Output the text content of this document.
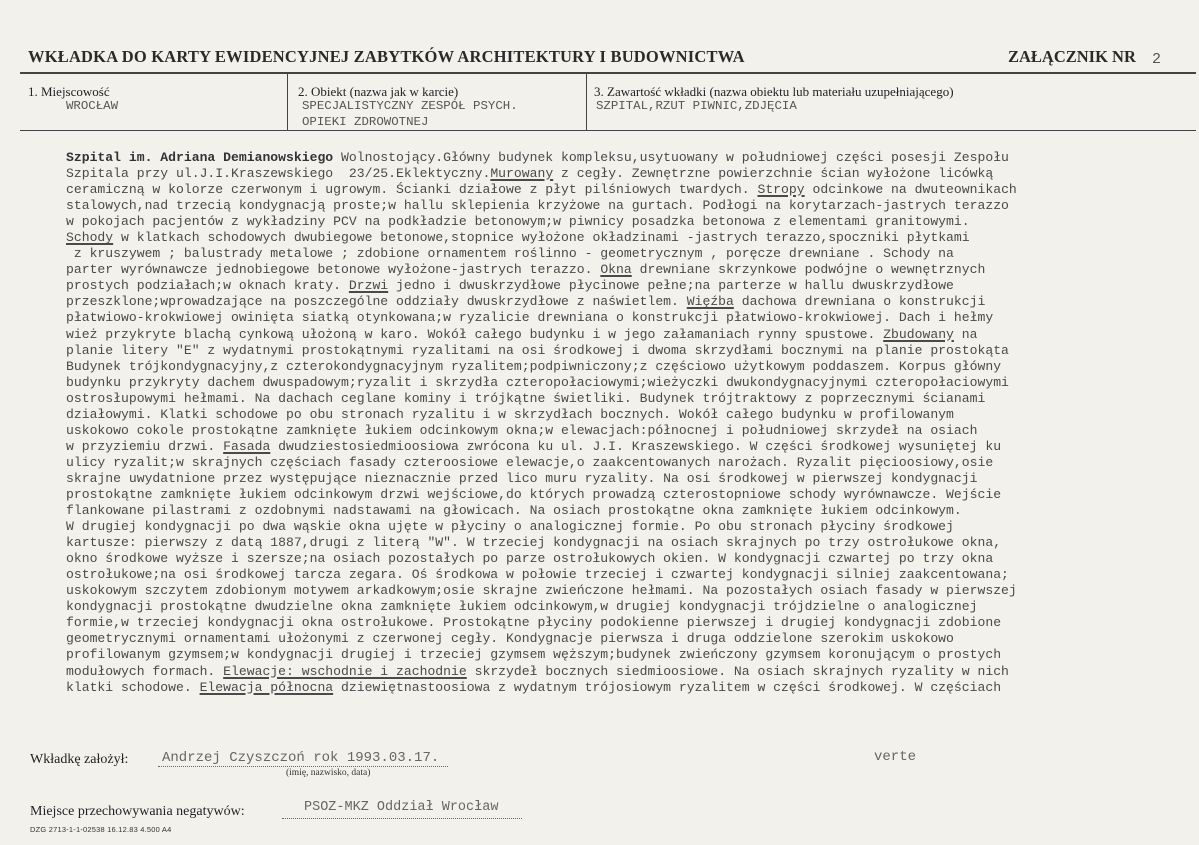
WKŁADKA DO KARTY EWIDENCYJNEJ ZABYTKÓW ARCHITEKTURY I BUDOWNICTWA	ZAŁĄCZNIK NR 2
1. Miejscowość
WROCŁAW
2. Obiekt (nazwa jak w karcie)
SPECJALISTYCZNY ZESPÓŁ PSYCH.
OPIEKI ZDROWOTNEJ
3. Zawartość wkładki (nazwa obiektu lub materiału uzupełniającego)
SZPITAL,RZUT PIWNIC,ZDJĘCIA
Szpital im. Adriana Demianowskiego Wolnostojący.Główny budynek kompleksu,usytuowany w południowej części posesji Zespołu
Szpitala przy ul.J.I.Kraszewskiego  23/25.Eklektyczny.Murowany z cegły. Zewnętrzne powierzchnie ścian wyłożone licówką
ceramiczną w kolorze czerwonym i ugrowym. Ścianki działowe z płyt pilśniowych twardych. Stropy odcinkowe na dwuteownikach
stalowych,nad trzecią kondygnacją proste;w hallu sklepienia krzyżowe na gurtach. Podłogi na korytarzach-jastrych terazzo
w pokojach pacjentów z wykładziny PCV na podkładzie betonowym;w piwnicy posadzka betonowa z elementami granitowymi.
Schody w klatkach schodowych dwubiegowe betonowe,stopnice wyłożone okładzinami -jastrych terazzo,spoczniki płytkami
z kruszywem ; balustrady metalowe ; zdobione ornamentem roślinno - geometrycznym , poręcze drewniane . Schody na
parter wyrównawcze jednobiegowe betonowe wyłożone-jastrych terazzo. Okna drewniane skrzynkowe podwójne o wewnętrznych
prostych podziałach;w oknach kraty. Drzwi jedno i dwuskrzydłowe płycinowe pełne;na parterze w hallu dwuskrzydłowe
przeszklone;wprowadzające na poszczególne oddziały dwuskrzydłowe z naświetlem. Więźba dachowa drewniana o konstrukcji
płatwiowo-krokwiowej owinięta siatką otynkowana;w ryzalicie drewniana o konstrukcji płatwiowo-krokwiowej. Dach i hełmy
wież przykryte blachą cynkową ułożoną w karo. Wokół całego budynku i w jego załamaniach rynny spustowe. Zbudowany na
planie litery "E" z wydatnymi prostokątnymi ryzalitami na osi środkowej i dwoma skrzydłami bocznymi na planie prostokąta
Budynek trójkondygnacyjny,z czterokondygnacyjnym ryzalitem;podpiwniczony;z częściowo użytkowym poddaszem. Korpus główny
budynku przykryty dachem dwuspadowym;ryzalit i skrzydła czteropołaciowymi;wieżyczki dwukondygnacyjnymi czteropołaciowymi
ostrosłupowymi hełmami. Na dachach ceglane kominy i trójkątne świetliki. Budynek trójtraktowy z poprzecznymi ścianami
działowymi. Klatki schodowe po obu stronach ryzalitu i w skrzydłach bocznych. Wokół całego budynku w profilowanym
uskokowo cokole prostokątne zamknięte łukiem odcinkowym okna;w elewacjach:północnej i południowej skrzydeł na osiach
w przyziemiu drzwi. Fasada dwudziestosiedmioosiowa zwrócona ku ul. J.I. Kraszewskiego. W części środkowej wysuniętej ku
ulicy ryzalit;w skrajnych częściach fasady czteroosiowe elewacje,o zaakcentowanych narożach. Ryzalit pięcioosiowy,osie
skrajne uwydatnione przez występujące nieznacznie przed lico muru ryzality. Na osi środkowej w pierwszej kondygnacji
prostokątne zamknięte łukiem odcinkowym drzwi wejściowe,do których prowadzą czterostopniowe schody wyrównawcze. Wejście
flankowane pilastrami z ozdobnymi nadstawami na głowicach. Na osiach prostokątne okna zamknięte łukiem odcinkowym.
W drugiej kondygnacji po dwa wąskie okna ujęte w płyciny o analogicznej formie. Po obu stronach płyciny środkowej
kartusze: pierwszy z datą 1887,drugi z literą "W". W trzeciej kondygnacji na osiach skrajnych po trzy ostrołukowe okna,
okno środkowe wyższe i szersze;na osiach pozostałych po parze ostrołukowych okien. W kondygnacji czwartej po trzy okna
ostrołukowe;na osi środkowej tarcza zegara. Oś środkowa w połowie trzeciej i czwartej kondygnacji silniej zaakcentowana;
uskokowym szczytem zdobionym motywem arkadkowym;osie skrajne zwieńczone hełmami. Na pozostałych osiach fasady w pierwszej
kondygnacji prostokątne dwudzielne okna zamknięte łukiem odcinkowym,w drugiej kondygnacji trójdzielne o analogicznej
formie,w trzeciej kondygnacji okna ostrołukowe. Prostokątne płyciny podokienne pierwszej i drugiej kondygnacji zdobione
geometrycznymi ornamentami ułożonymi z czerwonej cegły. Kondygnacje pierwsza i druga oddzielone szerokim uskokowo
profilowanym gzymsem;w kondygnacji drugiej i trzeciej gzymsem węższym;budynek zwieńczony gzymsem koronującym o prostych
modułowych formach. Elewacje: wschodnie i zachodnie skrzydeł bocznych siedmioosiowe. Na osiach skrajnych ryzality w nich
klatki schodowe. Elewacja północna dziewiętnastoosiowa z wydatnym trójosiowym ryzalitem w części środkowej. W częściach
Wkładkę założył: Andrzej Czyszczoń rok 1993.03.17.
(imię, nazwisko, data)
verte
Miejsce przechowywania negatywów:	PSOZ-MKZ Oddział Wrocław
DZG 2713-1-1-02538 16.12.83 4.500 A4
